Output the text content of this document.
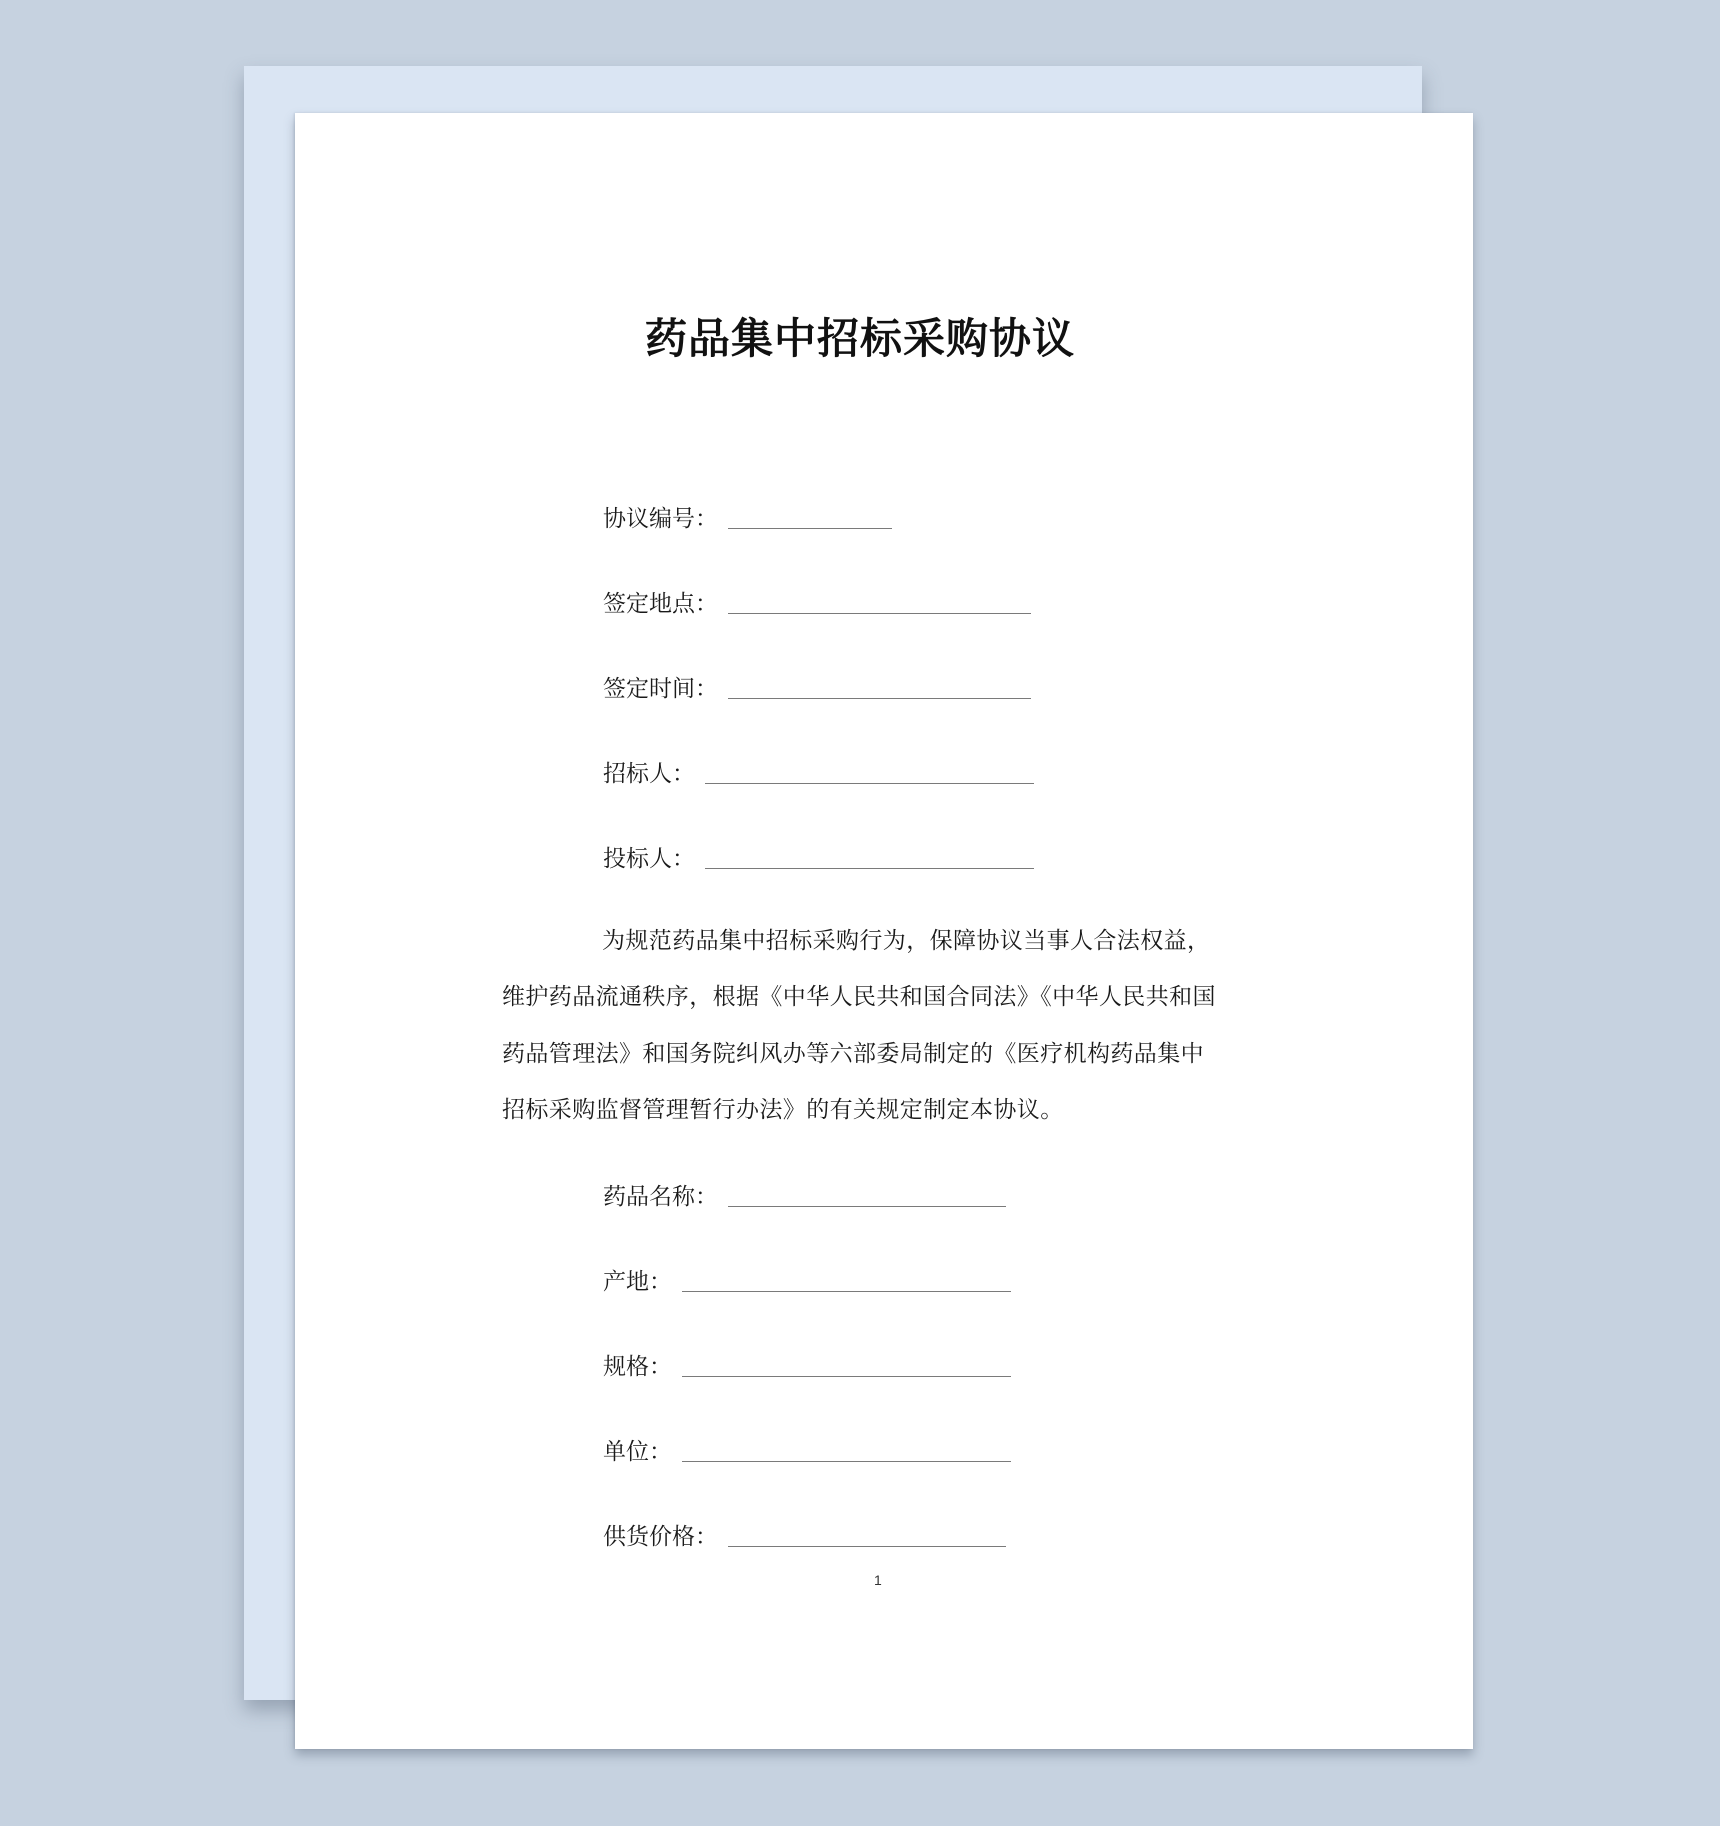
药品集中招标采购协议
协议编号：
签定地点：
签定时间：
招标人：
投标人：
为规范药品集中招标采购行为，保障协议当事人合法权益，
维护药品流通秩序，根据《中华人民共和国合同法》《中华人民共和国
药品管理法》和国务院纠风办等六部委局制定的《医疗机构药品集中
招标采购监督管理暂行办法》的有关规定制定本协议。
药品名称：
产地：
规格：
单位：
供货价格：
1
